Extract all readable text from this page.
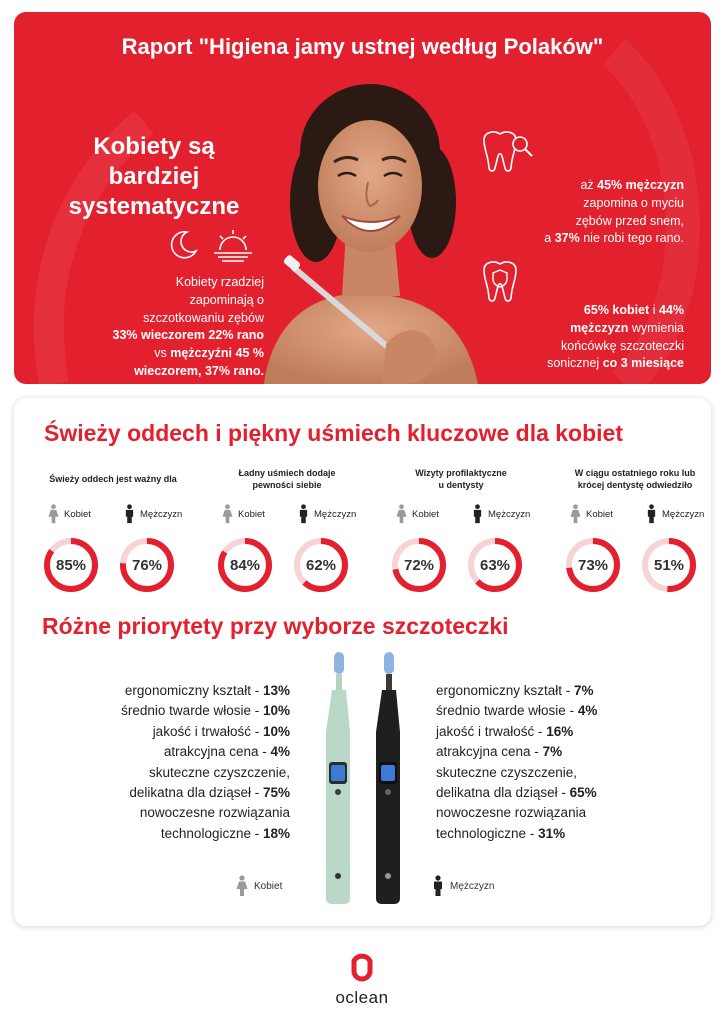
Raport "Higiena jamy ustnej według Polaków"
Kobiety są
bardziej
systematyczne
Kobiety rzadziej
zapominają o
szczotkowaniu zębów
33% wieczorem 22% rano
vs mężczyźni 45 %
wieczorem, 37% rano.
aż 45% mężczyzn
zapomina o myciu
zębów przed snem,
a 37% nie robi tego rano.
65% kobiet i 44%
mężczyzn wymienia
końcówkę szczoteczki
sonicznej co 3 miesiące
Świeży oddech i piękny uśmiech kluczowe dla kobiet
Świeży oddech jest ważny dla
Kobiet	Mężczyzn
85%	76%
Ładny uśmiech dodaje
pewności siebie
Kobiet	Mężczyzn
84%	62%
Wizyty profilaktyczne
u dentysty
Kobiet	Mężczyzn
72%	63%
W ciągu ostatniego roku lub
krócej dentystę odwiedziło
Kobiet	Mężczyzn
73%	51%
Różne priorytety przy wyborze szczoteczki
ergonomiczny kształt - 13%
średnio twarde włosie - 10%
jakość i trwałość - 10%
atrakcyjna cena - 4%
skuteczne czyszczenie,
delikatna dla dziąseł - 75%
nowoczesne rozwiązania
technologiczne - 18%
ergonomiczny kształt - 7%
średnio twarde włosie - 4%
jakość i trwałość - 16%
atrakcyjna cena - 7%
skuteczne czyszczenie,
delikatna dla dziąseł - 65%
nowoczesne rozwiązania
technologiczne - 31%
Kobiet	Mężczyzn
oclean
